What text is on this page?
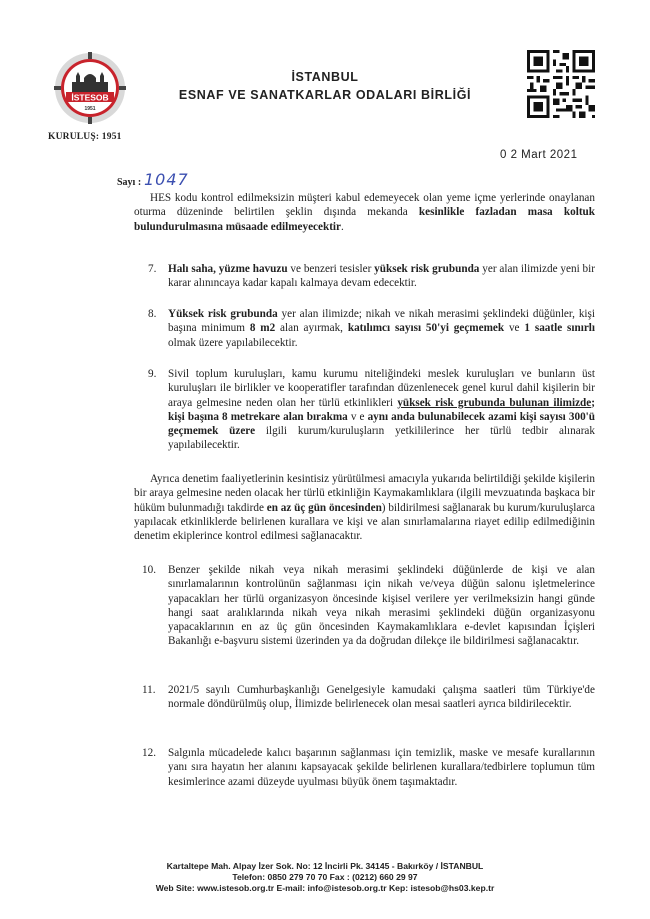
İSTESOB
1951
KURULUŞ: 1951
İSTANBUL
ESNAF VE SANATKARLAR ODALARI BİRLİĞİ
0 2 Mart 2021
Sayı : 1047
HES kodu kontrol edilmeksizin müşteri kabul edemeyecek olan yeme içme yerlerinde onaylanan oturma düzeninde belirtilen şeklin dışında mekanda kesinlikle fazladan masa koltuk bulundurulmasına müsaade edilmeyecektir.
7. Halı saha, yüzme havuzu ve benzeri tesisler yüksek risk grubunda yer alan ilimizde yeni bir karar alınıncaya kadar kapalı kalmaya devam edecektir.
8. Yüksek risk grubunda yer alan ilimizde; nikah ve nikah merasimi şeklindeki düğünler, kişi başına minimum 8 m2 alan ayırmak, katılımcı sayısı 50'yi geçmemek ve 1 saatle sınırlı olmak üzere yapılabilecektir.
9. Sivil toplum kuruluşları, kamu kurumu niteliğindeki meslek kuruluşları ve bunların üst kuruluşları ile birlikler ve kooperatifler tarafından düzenlenecek genel kurul dahil kişilerin bir araya gelmesine neden olan her türlü etkinlikleri yüksek risk grubunda bulunan ilimizde; kişi başına 8 metrekare alan bırakma v e aynı anda bulunabilecek azami kişi sayısı 300'ü geçmemek üzere ilgili kurum/kuruluşların yetkililerince her türlü tedbir alınarak yapılabilecektir.
Ayrıca denetim faaliyetlerinin kesintisiz yürütülmesi amacıyla yukarıda belirtildiği şekilde kişilerin bir araya gelmesine neden olacak her türlü etkinliğin Kaymakamlıklara (ilgili mevzuatında başkaca bir hüküm bulunmadığı takdirde en az üç gün öncesinden) bildirilmesi sağlanarak bu kurum/kuruluşlarca yapılacak etkinliklerde belirlenen kurallara ve kişi ve alan sınırlamalarına riayet edilip edilmediğinin denetim ekiplerince kontrol edilmesi sağlanacaktır.
10. Benzer şekilde nikah veya nikah merasimi şeklindeki düğünlerde de kişi ve alan sınırlamalarının kontrolünün sağlanması için nikah ve/veya düğün salonu işletmelerince yapacakları her türlü organizasyon öncesinde kişisel verilere yer verilmeksizin hangi günde hangi saat aralıklarında nikah veya nikah merasimi şeklindeki düğün organizasyonu yapacaklarının en az üç gün öncesinden Kaymakamlıklara e-devlet kapısından İçişleri Bakanlığı e-başvuru sistemi üzerinden ya da doğrudan dilekçe ile bildirilmesi sağlanacaktır.
11. 2021/5 sayılı Cumhurbaşkanlığı Genelgesiyle kamudaki çalışma saatleri tüm Türkiye'de normale döndürülmüş olup, İlimizde belirlenecek olan mesai saatleri ayrıca bildirilecektir.
12. Salgınla mücadelede kalıcı başarının sağlanması için temizlik, maske ve mesafe kurallarının yanı sıra hayatın her alanını kapsayacak şekilde belirlenen kurallara/tedbirlere toplumun tüm kesimlerince azami düzeyde uyulması büyük önem taşımaktadır.
Kartaltepe Mah. Alpay İzer Sok. No: 12 İncirli Pk. 34145 - Bakırköy / İSTANBUL
Telefon: 0850 279 70 70 Fax : (0212) 660 29 97
Web Site: www.istesob.org.tr E-mail: info@istesob.org.tr Kep: istesob@hs03.kep.tr
